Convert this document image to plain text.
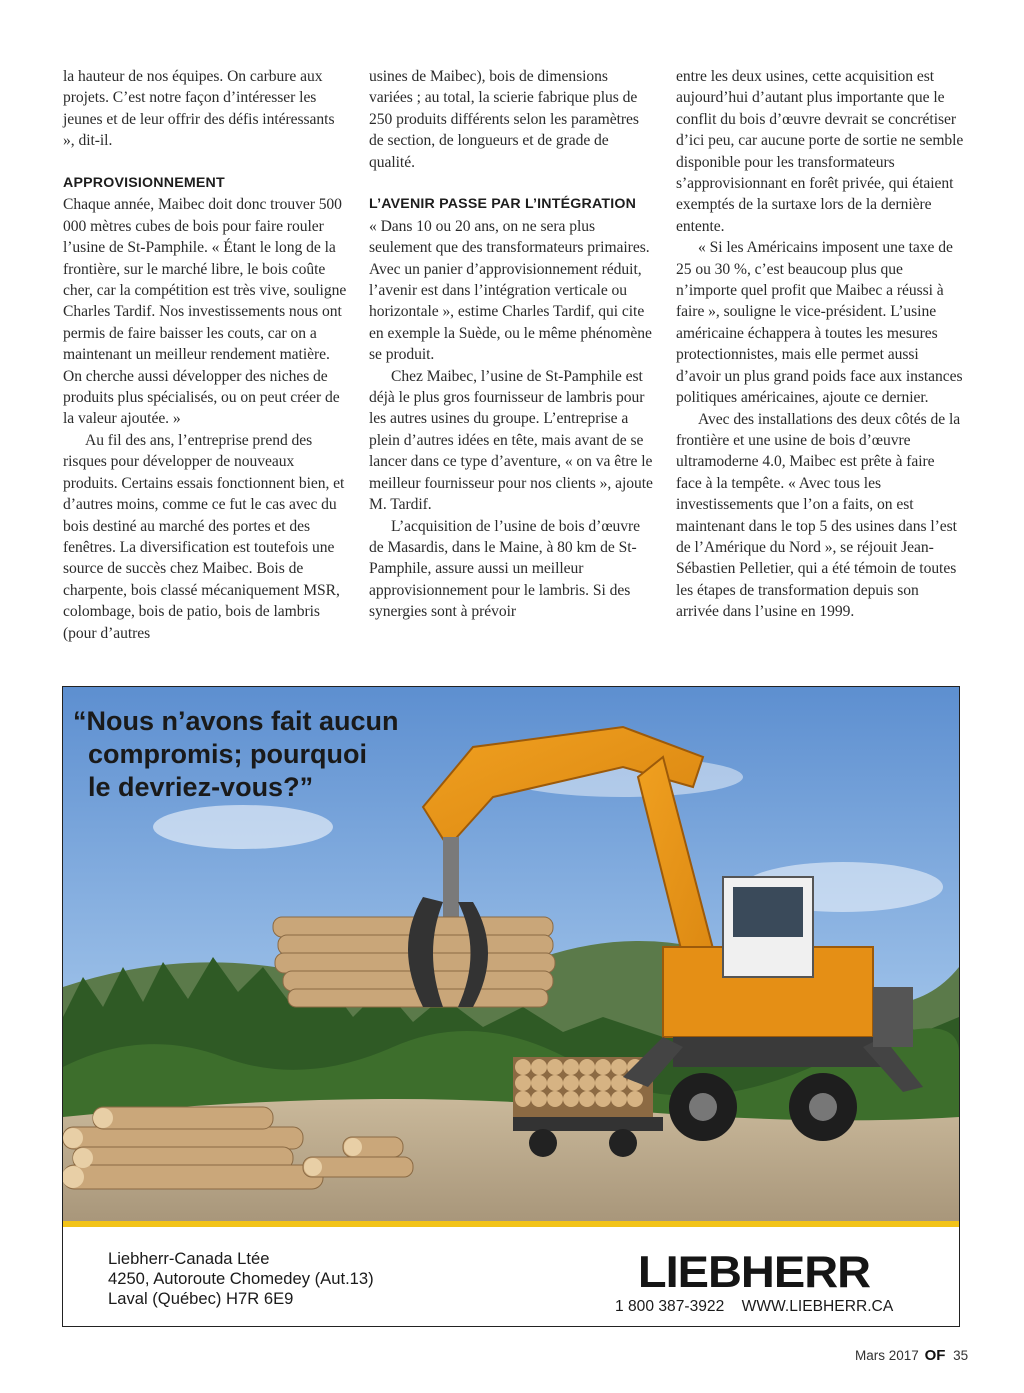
la hauteur de nos équipes. On carbure aux projets. C’est notre façon d’intéresser les jeunes et de leur offrir des défis intéressants », dit-il.

APPROVISIONNEMENT

Chaque année, Maibec doit donc trouver 500 000 mètres cubes de bois pour faire rouler l’usine de St-Pamphile. « Étant le long de la frontière, sur le marché libre, le bois coûte cher, car la compétition est très vive, souligne Charles Tardif. Nos investissements nous ont permis de faire baisser les couts, car on a maintenant un meilleur rendement matière. On cherche aussi développer des niches de produits plus spécialisés, ou on peut créer de la valeur ajoutée. »

Au fil des ans, l’entreprise prend des risques pour développer de nouveaux produits. Certains essais fonctionnent bien, et d’autres moins, comme ce fut le cas avec du bois destiné au marché des portes et des fenêtres. La diversification est toutefois une source de succès chez Maibec. Bois de charpente, bois classé mécaniquement MSR, colombage, bois de patio, bois de lambris (pour d’autres

usines de Maibec), bois de dimensions variées ; au total, la scierie fabrique plus de 250 produits différents selon les paramètres de section, de longueurs et de grade de qualité.

L’AVENIR PASSE PAR L’INTÉGRATION

« Dans 10 ou 20 ans, on ne sera plus seulement que des transformateurs primaires. Avec un panier d’approvisionnement réduit, l’avenir est dans l’intégration verticale ou horizontale », estime Charles Tardif, qui cite en exemple la Suède, ou le même phénomène se produit.

Chez Maibec, l’usine de St-Pamphile est déjà le plus gros fournisseur de lambris pour les autres usines du groupe. L’entreprise a plein d’autres idées en tête, mais avant de se lancer dans ce type d’aventure, « on va être le meilleur fournisseur pour nos clients », ajoute M. Tardif.

L’acquisition de l’usine de bois d’œuvre de Masardis, dans le Maine, à 80 km de St-Pamphile, assure aussi un meilleur approvisionnement pour le lambris. Si des synergies sont à prévoir

entre les deux usines, cette acquisition est aujourd’hui d’autant plus importante que le conflit du bois d’œuvre devrait se concrétiser d’ici peu, car aucune porte de sortie ne semble disponible pour les transformateurs s’approvisionnant en forêt privée, qui étaient exemptés de la surtaxe lors de la dernière entente.

« Si les Américains imposent une taxe de 25 ou 30 %, c’est beaucoup plus que n’importe quel profit que Maibec a réussi à faire », souligne le vice-président. L’usine américaine échappera à toutes les mesures protectionnistes, mais elle permet aussi d’avoir un plus grand poids face aux instances politiques américaines, ajoute ce dernier.

Avec des installations des deux côtés de la frontière et une usine de bois d’œuvre ultramoderne 4.0, Maibec est prête à faire face à la tempête. « Avec tous les investissements que l’on a faits, on est maintenant dans le top 5 des usines dans l’est de l’Amérique du Nord », se réjouit Jean-Sébastien Pelletier, qui a été témoin de toutes les étapes de transformation depuis son arrivée dans l’usine en 1999.

“Nous n’avons fait aucun
compromis; pourquoi
le devriez-vous?”
Liebherr-Canada Ltée
4250, Autoroute Chomedey (Aut.13)
Laval (Québec) H7R 6E9
LIEBHERR
1 800 387-3922 WWW.LIEBHERR.CA
Mars 2017 OF 35
